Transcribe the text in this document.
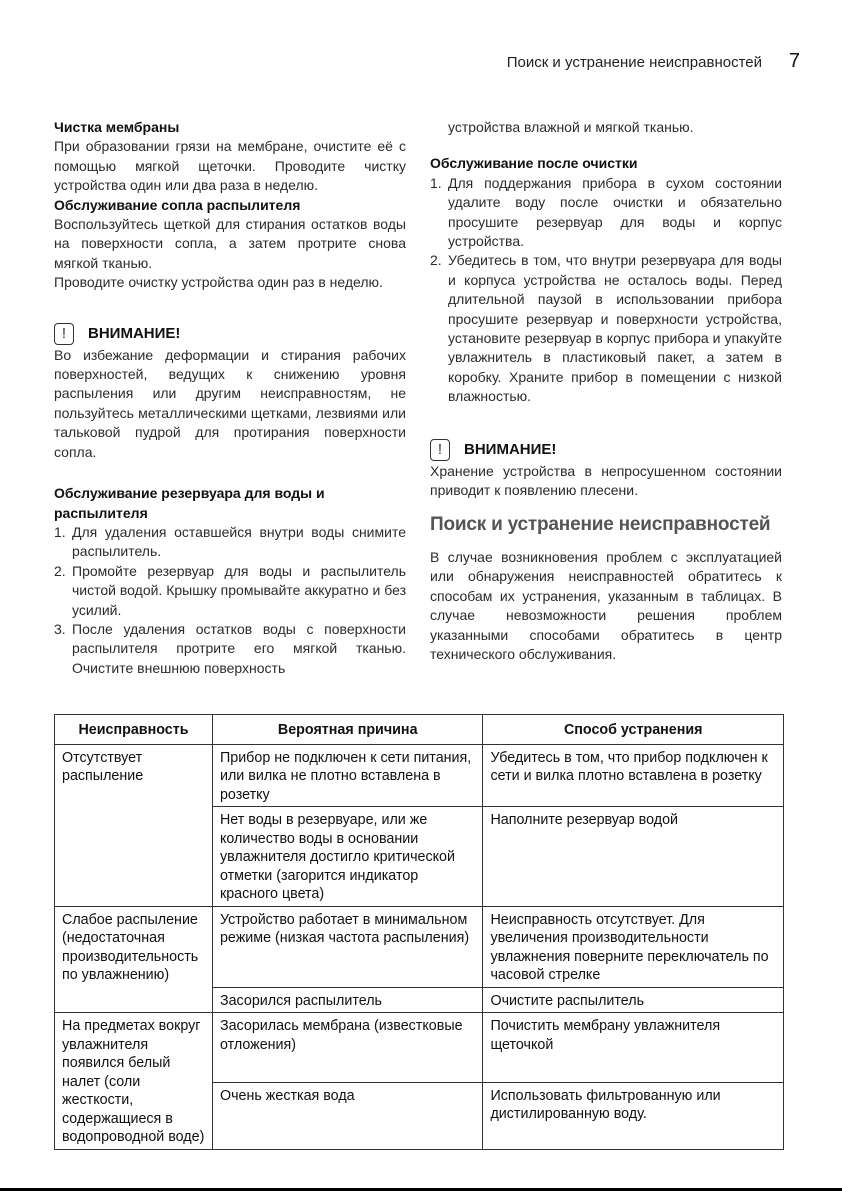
Поиск и устранение неисправностей 7

Чистка мембраны

При образовании грязи на мембране, очистите её с помощью мягкой щеточки. Проводите чистку устройства один или два раза в неделю.

Обслуживание сопла распылителя

Воспользуйтесь щеткой для стирания остатков воды на поверхности сопла, а затем протрите снова мягкой тканью.

Проводите очистку устройства один раз в неделю.

!	ВНИМАНИЕ!

Во избежание деформации и стирания рабочих поверхностей, ведущих к снижению уровня распыления или другим неисправностям, не пользуйтесь металлическими щетками, лезвиями или тальковой пудрой для протирания поверхности сопла.

Обслуживание резервуара для воды и распылителя

1. Для удаления оставшейся внутри воды снимите распылитель.
2. Промойте резервуар для воды и распылитель чистой водой. Крышку промывайте аккуратно и без усилий.
3. После удаления остатков воды с поверхности распылителя протрите его мягкой тканью. Очистите внешнюю поверхность

устройства влажной и мягкой тканью.

Обслуживание после очистки

1. Для поддержания прибора в сухом состоянии удалите воду после очистки и обязательно просушите резервуар для воды и корпус устройства.
2. Убедитесь в том, что внутри резервуара для воды и корпуса устройства не осталось воды. Перед длительной паузой в использовании прибора просушите резервуар и поверхности устройства, установите резервуар в корпус прибора и упакуйте увлажнитель в пластиковый пакет, а затем в коробку. Храните прибор в помещении с низкой влажностью.
!	ВНИМАНИЕ!

Хранение устройства в непросушенном состоянии приводит к появлению плесени.

Поиск и устранение неисправностей

В случае возникновения проблем с эксплуатацией или обнаружения неисправностей обратитесь к способам их устранения, указанным в таблицах. В случае невозможности решения проблем указанными способами обратитесь в центр технического обслуживания.

Неисправность	Вероятная причина	Способ устранения
Отсутствует распыление	Прибор не подключен к сети питания, или вилка не плотно вставлена в розетку	Убедитесь в том, что прибор подключен к сети и вилка плотно вставлена в розетку
	Нет воды в резервуаре, или же количество воды в основании увлажнителя достигло критической отметки (загорится индикатор красного цвета)	Наполните резервуар водой
Слабое распыление (недостаточная производительность по увлажнению)	Устройство работает в минимальном режиме (низкая частота распыления)	Неисправность отсутствует. Для увеличения производительности увлажнения поверните переключатель по часовой стрелке
	Засорился распылитель	Очистите распылитель
На предметах вокруг увлажнителя появился белый налет (соли жесткости, содержащиеся в водопроводной воде)	Засорилась мембрана (известковые отложения)	Почистить мембрану увлажнителя щеточкой
	Очень жесткая вода	Использовать фильтрованную или дистилированную воду.
